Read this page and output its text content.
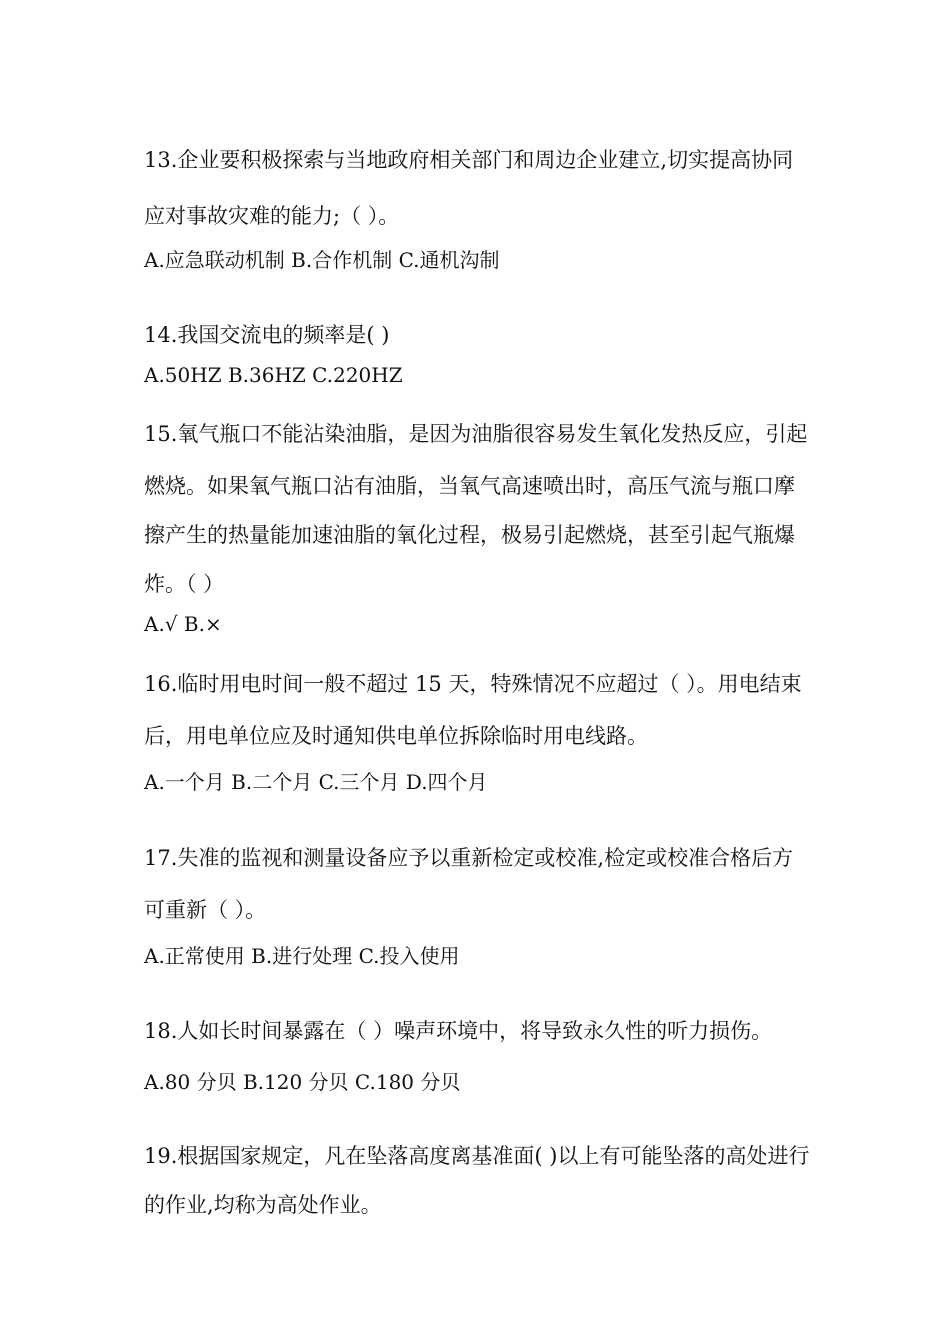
13.企业要积极探索与当地政府相关部门和周边企业建立,切实提高协同
应对事故灾难的能力;（ ）。
A.应急联动机制 B.合作机制 C.通机沟制
14.我国交流电的频率是( )
A.50HZ B.36HZ C.220HZ
15.氧气瓶口不能沾染油脂，是因为油脂很容易发生氧化发热反应，引起
燃烧。如果氧气瓶口沾有油脂，当氧气高速喷出时，高压气流与瓶口摩
擦产生的热量能加速油脂的氧化过程，极易引起燃烧，甚至引起气瓶爆
炸。（ ）
A.√ B.×
16.临时用电时间一般不超过 15 天，特殊情况不应超过（ ）。用电结束
后，用电单位应及时通知供电单位拆除临时用电线路。
A.一个月 B.二个月 C.三个月 D.四个月
17.失准的监视和测量设备应予以重新检定或校准,检定或校准合格后方
可重新（ ）。
A.正常使用 B.进行处理 C.投入使用
18.人如长时间暴露在（ ）噪声环境中，将导致永久性的听力损伤。
A.80 分贝 B.120 分贝 C.180 分贝
19.根据国家规定，凡在坠落高度离基准面( )以上有可能坠落的高处进行
的作业,均称为高处作业。
